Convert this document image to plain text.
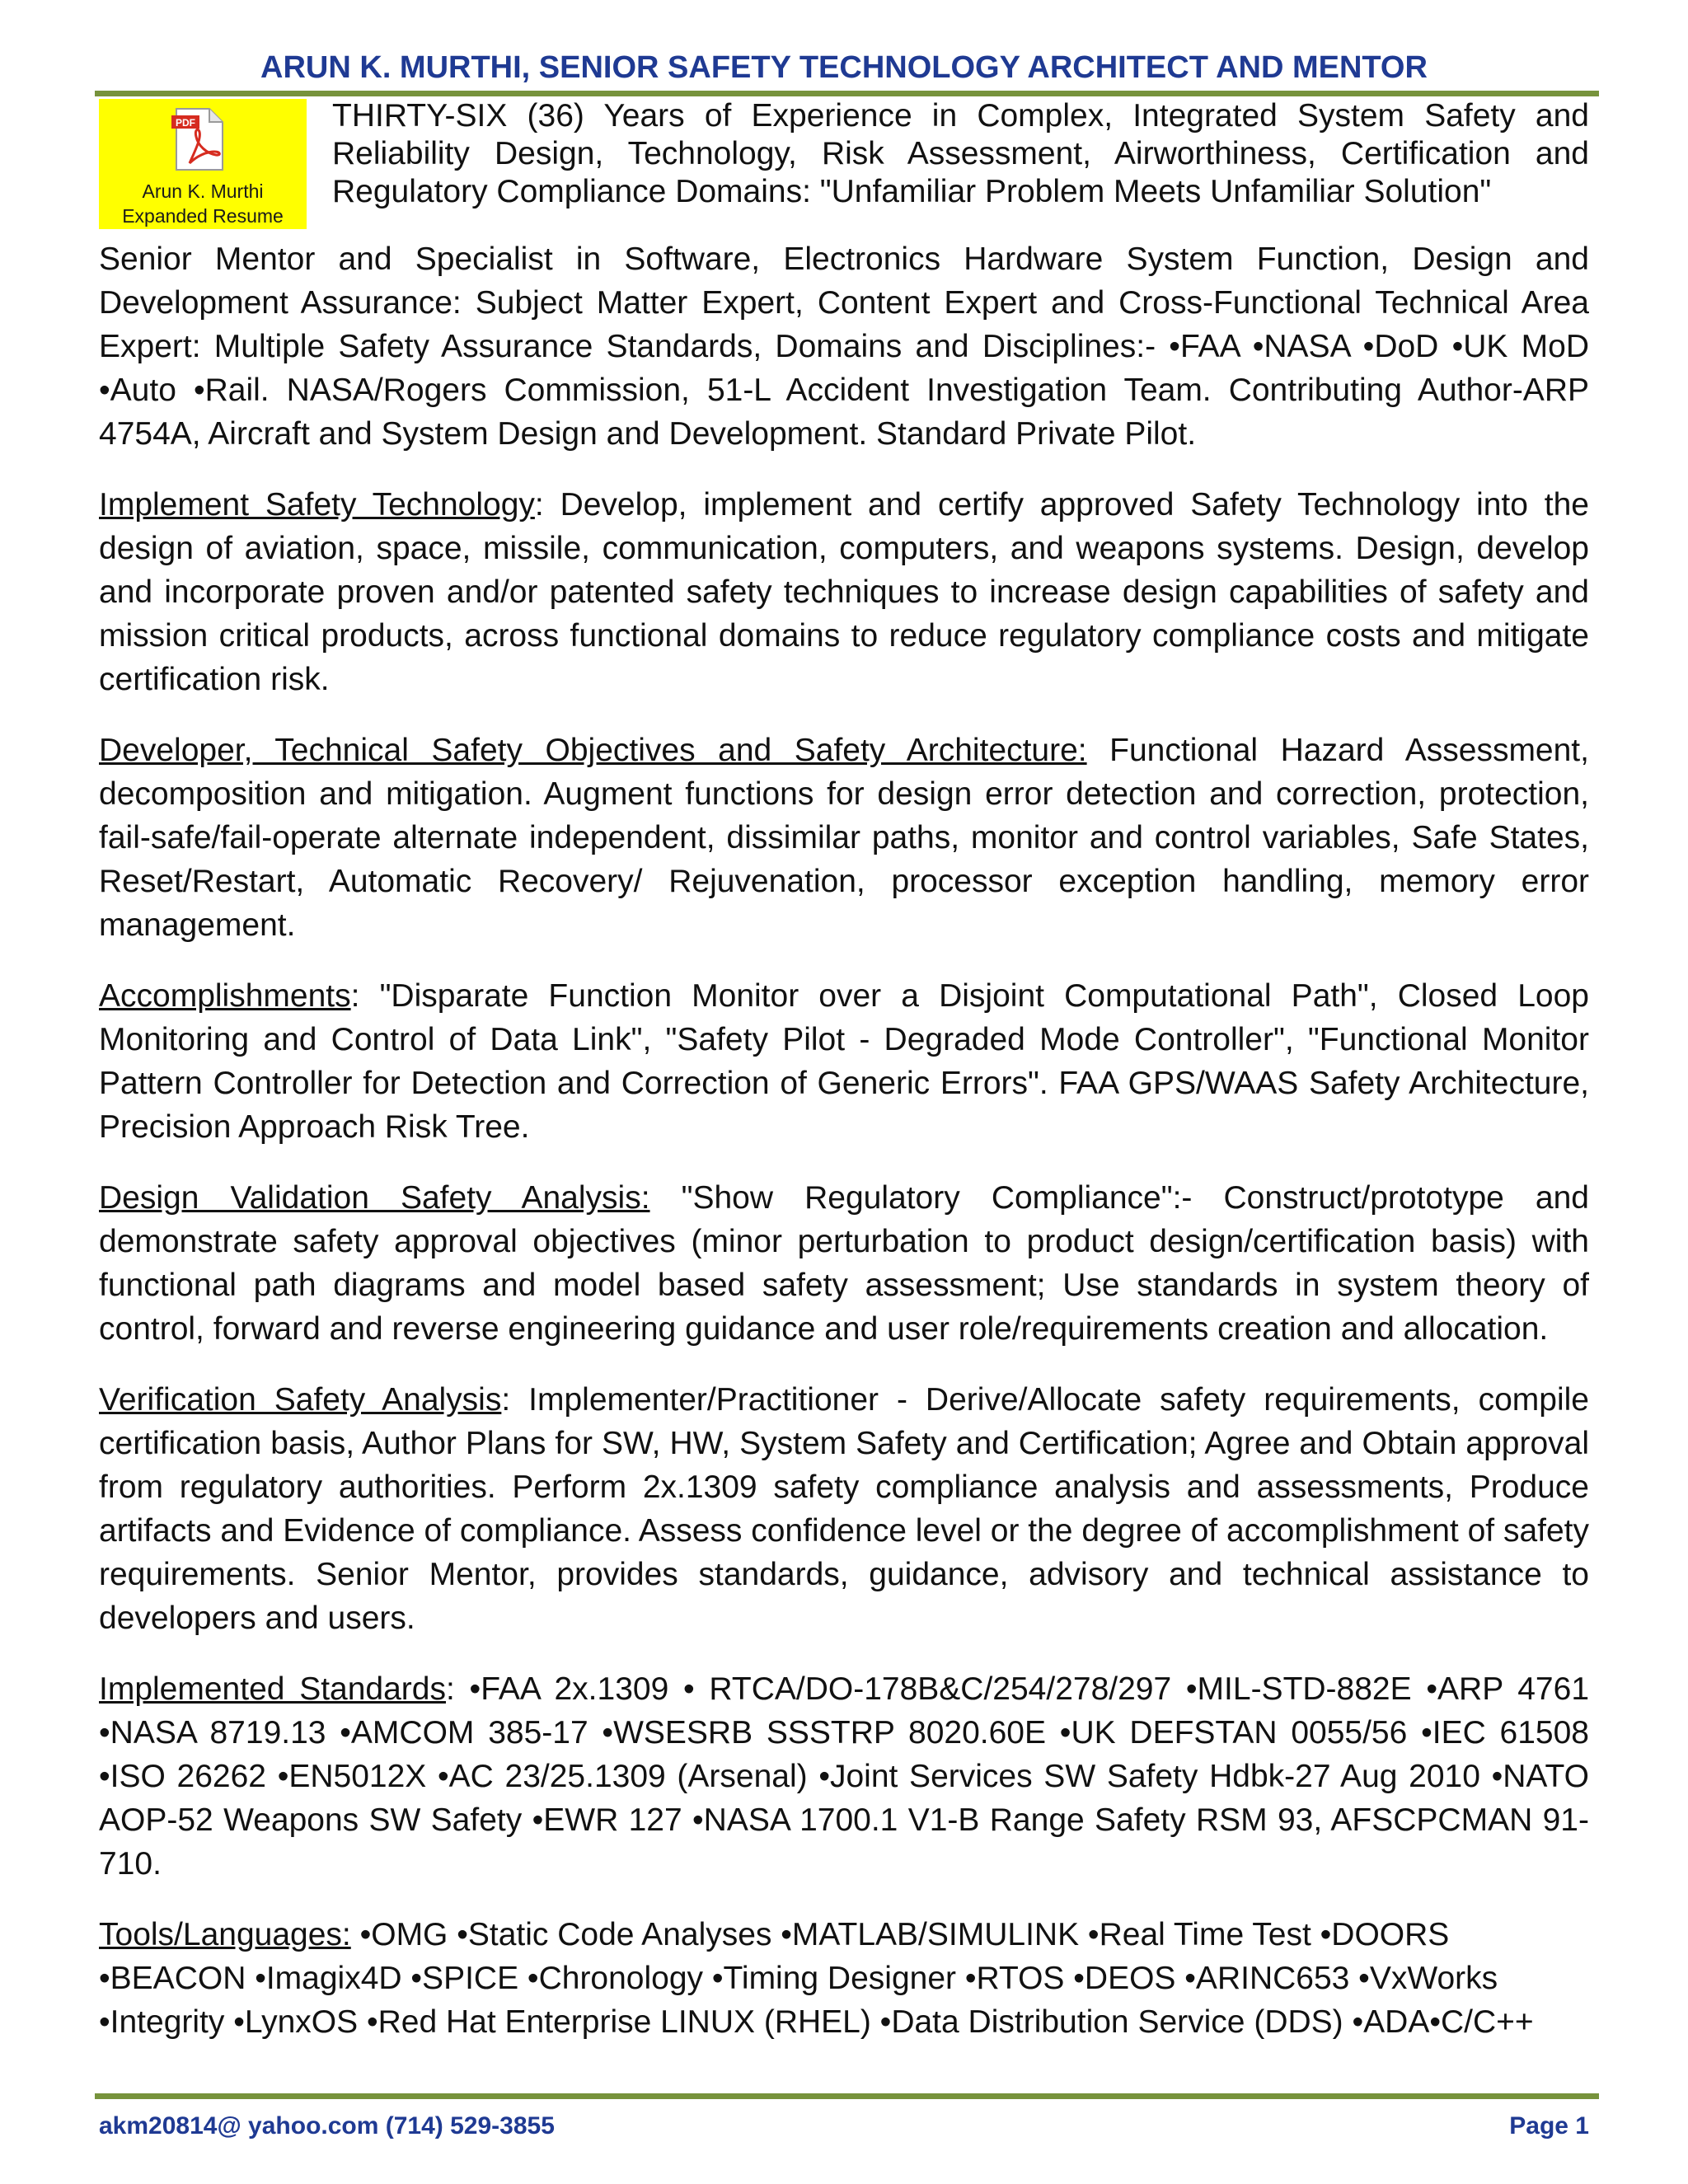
ARUN K. MURTHI, SENIOR SAFETY TECHNOLOGY ARCHITECT AND MENTOR
PDF
Arun K. Murthi
Expanded Resume
THIRTY-SIX (36) Years of Experience in Complex, Integrated System Safety and Reliability Design, Technology, Risk Assessment, Airworthiness, Certification and Regulatory Compliance Domains: "Unfamiliar Problem Meets Unfamiliar Solution"

Senior Mentor and Specialist in Software, Electronics Hardware System Function, Design and Development Assurance: Subject Matter Expert, Content Expert and Cross-Functional Technical Area Expert: Multiple Safety Assurance Standards, Domains and Disciplines:- •FAA •NASA •DoD •UK MoD •Auto •Rail. NASA/Rogers Commission, 51-L Accident Investigation Team. Contributing Author-ARP 4754A, Aircraft and System Design and Development. Standard Private Pilot.

Implement Safety Technology: Develop, implement and certify approved Safety Technology into the design of aviation, space, missile, communication, computers, and weapons systems. Design, develop and incorporate proven and/or patented safety techniques to increase design capabilities of safety and mission critical products, across functional domains to reduce regulatory compliance costs and mitigate certification risk.

Developer, Technical Safety Objectives and Safety Architecture: Functional Hazard Assessment, decomposition and mitigation. Augment functions for design error detection and correction, protection, fail-safe/fail-operate alternate independent, dissimilar paths, monitor and control variables, Safe States, Reset/Restart, Automatic Recovery/ Rejuvenation, processor exception handling, memory error management.

Accomplishments: "Disparate Function Monitor over a Disjoint Computational Path", Closed Loop Monitoring and Control of Data Link", "Safety Pilot - Degraded Mode Controller", "Functional Monitor Pattern Controller for Detection and Correction of Generic Errors". FAA GPS/WAAS Safety Architecture, Precision Approach Risk Tree.

Design Validation Safety Analysis: "Show Regulatory Compliance":- Construct/prototype and demonstrate safety approval objectives (minor perturbation to product design/certification basis) with functional path diagrams and model based safety assessment; Use standards in system theory of control, forward and reverse engineering guidance and user role/requirements creation and allocation.

Verification Safety Analysis: Implementer/Practitioner - Derive/Allocate safety requirements, compile certification basis, Author Plans for SW, HW, System Safety and Certification; Agree and Obtain approval from regulatory authorities. Perform 2x.1309 safety compliance analysis and assessments, Produce artifacts and Evidence of compliance. Assess confidence level or the degree of accomplishment of safety requirements. Senior Mentor, provides standards, guidance, advisory and technical assistance to developers and users.

Implemented Standards: •FAA 2x.1309 • RTCA/DO-178B&C/254/278/297 •MIL-STD-882E •ARP 4761 •NASA 8719.13 •AMCOM 385-17 •WSESRB SSSTRP 8020.60E •UK DEFSTAN 0055/56 •IEC 61508 •ISO 26262 •EN5012X •AC 23/25.1309 (Arsenal) •Joint Services SW Safety Hdbk-27 Aug 2010 •NATO AOP-52 Weapons SW Safety •EWR 127 •NASA 1700.1 V1-B Range Safety RSM 93, AFSCPCMAN 91-710.

Tools/Languages: •OMG •Static Code Analyses •MATLAB/SIMULINK •Real Time Test •DOORS •BEACON •Imagix4D •SPICE •Chronology •Timing Designer •RTOS •DEOS •ARINC653 •VxWorks •Integrity •LynxOS •Red Hat Enterprise LINUX (RHEL) •Data Distribution Service (DDS) •ADA•C/C++

akm20814@ yahoo.com (714) 529-3855	Page 1
